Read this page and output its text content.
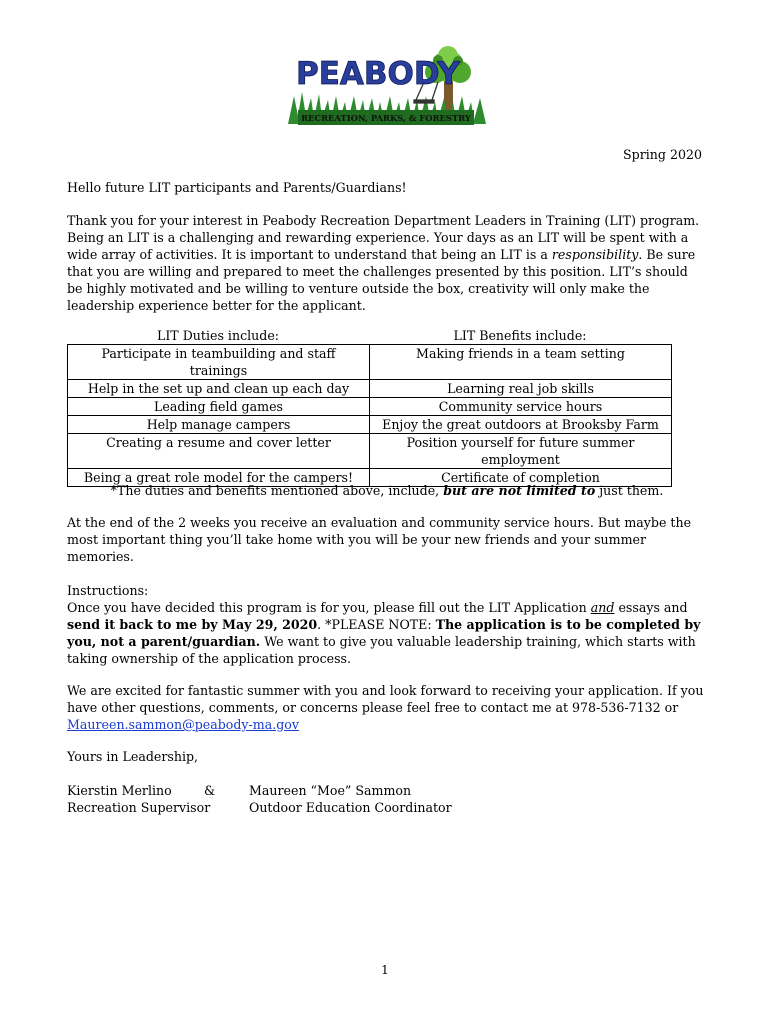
PEABODY
RECREATION, PARKS, & FORESTRY
Spring 2020
Hello future LIT participants and Parents/Guardians!

Thank you for your interest in Peabody Recreation Department Leaders in Training (LIT) program. Being an LIT is a challenging and rewarding experience. Your days as an LIT will be spent with a wide array of activities. It is important to understand that being an LIT is a responsibility. Be sure that you are willing and prepared to meet the challenges presented by this position. LIT’s should be highly motivated and be willing to venture outside the box, creativity will only make the leadership experience better for the applicant.

LIT Duties include:	LIT Benefits include:
Participate in teambuilding and staff trainings	Making friends in a team setting
Help in the set up and clean up each day	Learning real job skills
Leading field games	Community service hours
Help manage campers	Enjoy the great outdoors at Brooksby Farm
Creating a resume and cover letter	Position yourself for future summer employment
Being a great role model for the campers!	Certificate of completion

*The duties and benefits mentioned above, include, but are not limited to just them.

At the end of the 2 weeks you receive an evaluation and community service hours. But maybe the most important thing you’ll take home with you will be your new friends and your summer memories.

Instructions:

Once you have decided this program is for you, please fill out the LIT Application and essays and send it back to me by May 29, 2020. *PLEASE NOTE: The application is to be completed by you, not a parent/guardian. We want to give you valuable leadership training, which starts with taking ownership of the application process.

We are excited for fantastic summer with you and look forward to receiving your application. If you have other questions, comments, or concerns please feel free to contact me at 978-536-7132 or Maureen.sammon@peabody-ma.gov

Yours in Leadership,
Kierstin Merlino
Recreation Supervisor
&	Maureen “Moe” Sammon
Outdoor Education Coordinator
1
